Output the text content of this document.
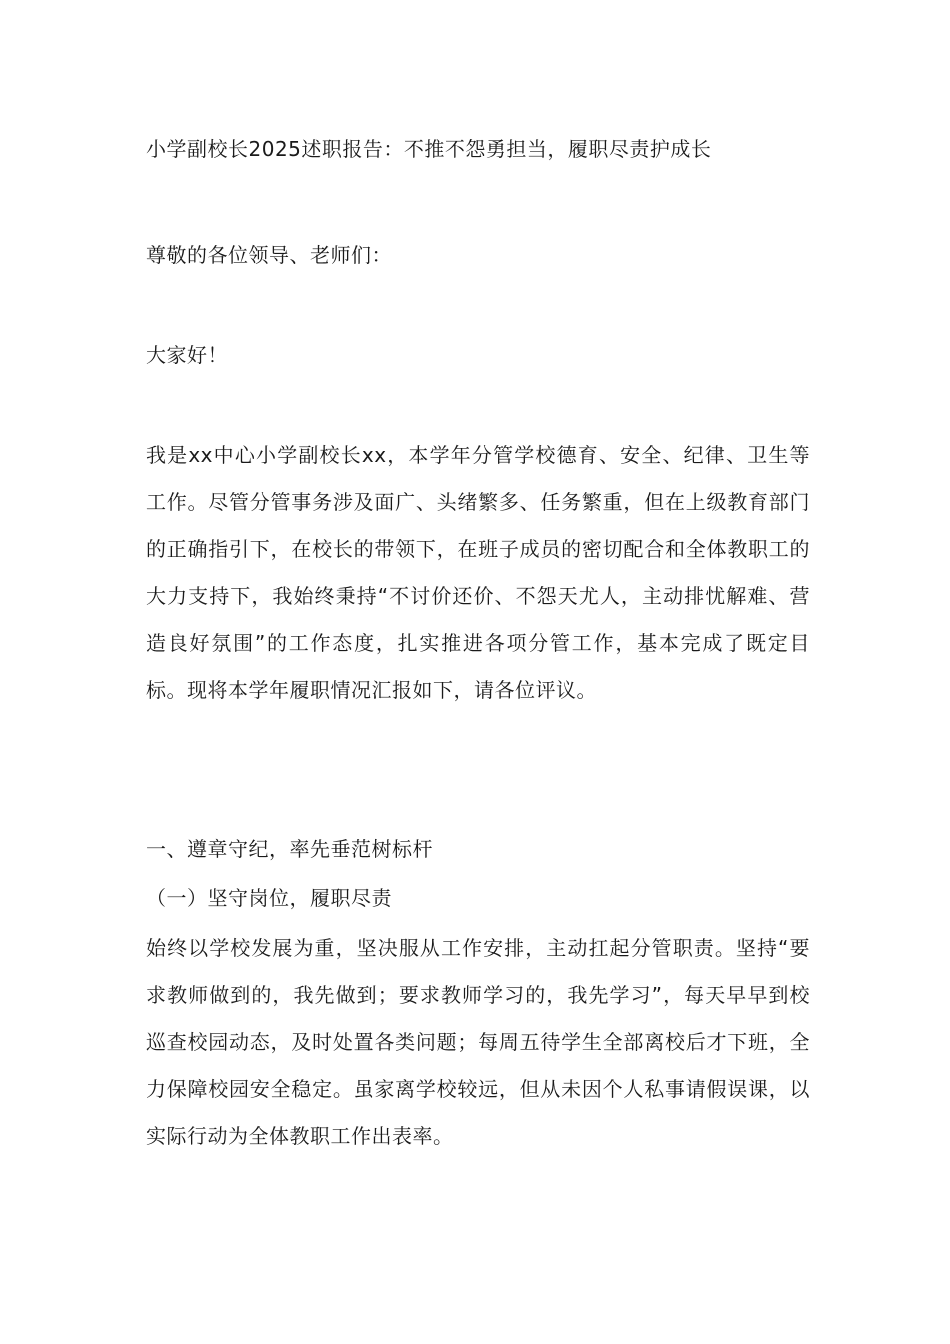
小学副校长2025述职报告：不推不怨勇担当，履职尽责护成长
尊敬的各位领导、老师们：
大家好！
我是xx中心小学副校长xx，本学年分管学校德育、安全、纪律、卫生等工作。尽管分管事务涉及面广、头绪繁多、任务繁重，但在上级教育部门的正确指引下，在校长的带领下，在班子成员的密切配合和全体教职工的大力支持下，我始终秉持“不讨价还价、不怨天尤人，主动排忧解难、营造良好氛围”的工作态度，扎实推进各项分管工作，基本完成了既定目标。现将本学年履职情况汇报如下，请各位评议。
一、遵章守纪，率先垂范树标杆
（一）坚守岗位，履职尽责
始终以学校发展为重，坚决服从工作安排，主动扛起分管职责。坚持“要求教师做到的，我先做到；要求教师学习的，我先学习”，每天早早到校巡查校园动态，及时处置各类问题；每周五待学生全部离校后才下班，全力保障校园安全稳定。虽家离学校较远，但从未因个人私事请假误课，以实际行动为全体教职工作出表率。
